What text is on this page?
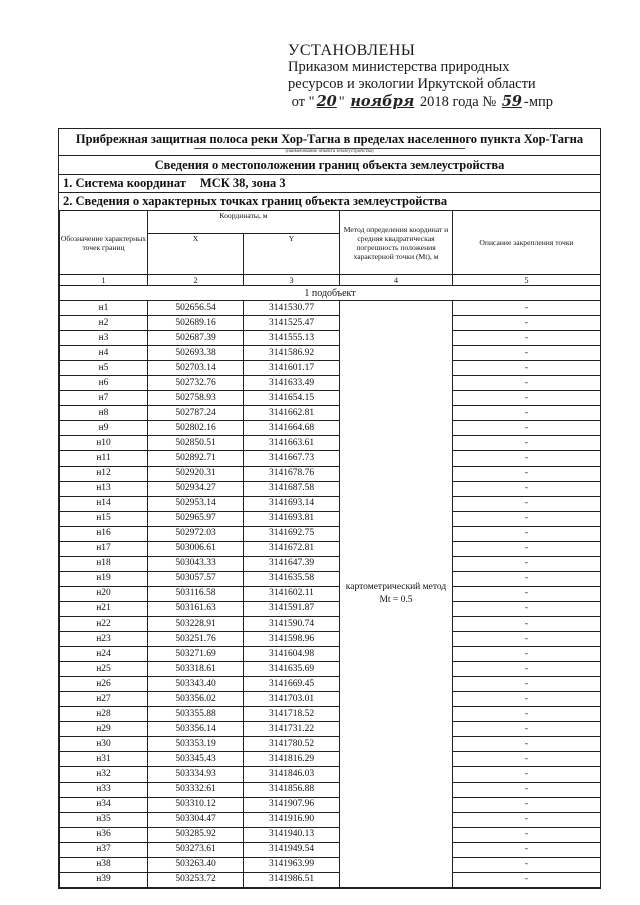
УСТАНОВЛЕНЫ
Приказом министерства природных
ресурсов и экологии Иркутской области
от " 20 " ноября 2018 года № 59 -мпр
Прибрежная защитная полоса реки Хор-Тагна в пределах населенного пункта Хор-Тагна
(наименование объекта землеустройства)
Сведения о местоположении границ объекта землеустройства
1. Система координат МСК 38, зона 3
2. Сведения о характерных точках границ объекта землеустройства
Обозначение характерных точек границ	Координаты, м		Метод определения координат и средняя квадратическая погрешность положения характерной точки (Мt), м	Описание закрепления точки
	X	Y		
1	2	3	4	5
1 подобъект				
н1	502656.54	3141530.77	картометрический метод Мt = 0.5	-
н2	502689.16	3141525.47		-
н3	502687.39	3141555.13		-
н4	502693.38	3141586.92		-
н5	502703.14	3141601.17		-
н6	502732.76	3141633.49		-
н7	502758.93	3141654.15		-
н8	502787.24	3141662.81		-
н9	502802.16	3141664.68		-
н10	502850.51	3141663.61		-
н11	502892.71	3141667.73		-
н12	502920.31	3141678.76		-
н13	502934.27	3141687.58		-
н14	502953.14	3141693.14		-
н15	502965.97	3141693.81		-
н16	502972.03	3141692.75		-
н17	503006.61	3141672.81		-
н18	503043.33	3141647.39		-
н19	503057.57	3141635.58		-
н20	503116.58	3141602.11		-
н21	503161.63	3141591.87		-
н22	503228.91	3141590.74		-
н23	503251.76	3141598.96		-
н24	503271.69	3141604.98		-
н25	503318.61	3141635.69		-
н26	503343.40	3141669.45		-
н27	503356.02	3141703.01		-
н28	503355.88	3141718.52		-
н29	503356.14	3141731.22		-
н30	503353.19	3141780.52		-
н31	503345.43	3141816.29		-
н32	503334.93	3141846.03		-
н33	503332.61	3141856.88		-
н34	503310.12	3141907.96		-
н35	503304.47	3141916.90		-
н36	503285.92	3141940.13		-
н37	503273.61	3141949.54		-
н38	503263.40	3141963.99		-
н39	503253.72	3141986.51		-
